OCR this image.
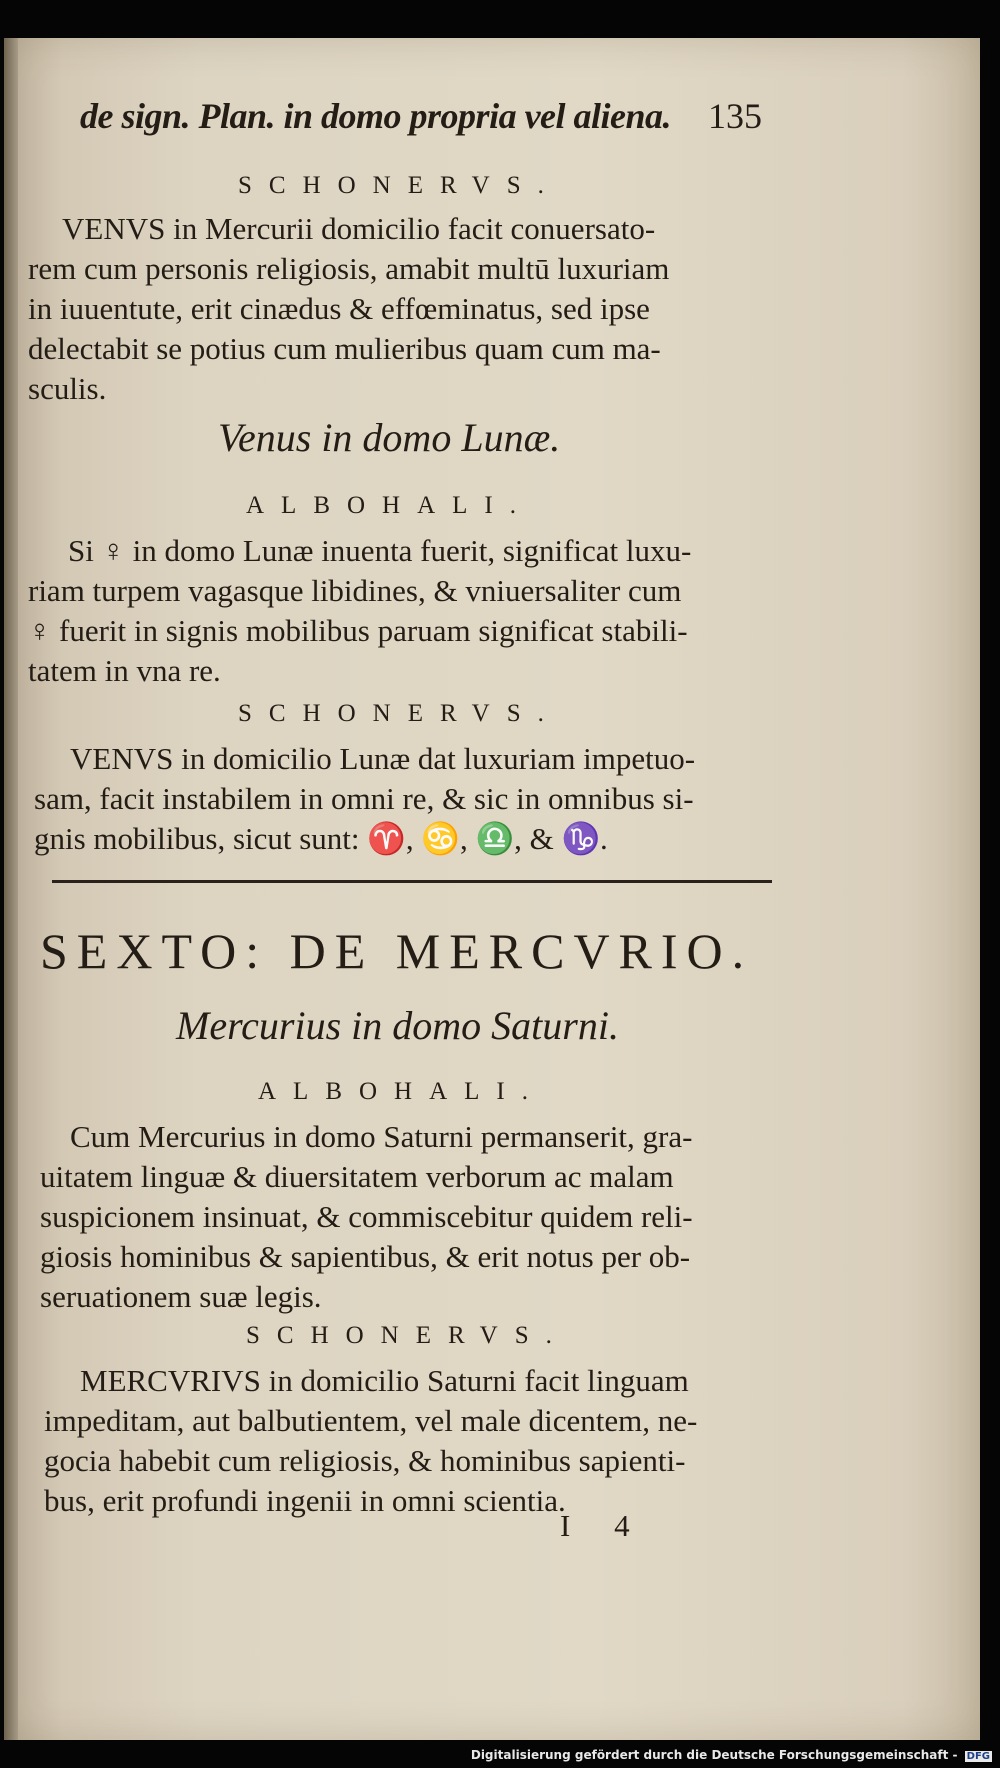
de sign. Plan. in domo propria vel aliena. 135
SCHONERVS.
VENVS in Mercurii domicilio facit conuersato-
rem cum personis religiosis, amabit multū luxuriam
in iuuentute, erit cinædus & effœminatus, sed ipse
delectabit se potius cum mulieribus quam cum ma-
sculis.
Venus in domo Lunæ.
ALBOHALI.
Si ♀ in domo Lunæ inuenta fuerit, significat luxu-
riam turpem vagasque libidines, & vniuersaliter cum
♀ fuerit in signis mobilibus paruam significat stabili-
tatem in vna re.
SCHONERVS.
VENVS in domicilio Lunæ dat luxuriam impetuo-
sam, facit instabilem in omni re, & sic in omnibus si-
gnis mobilibus, sicut sunt: ♈, ♋, ♎, & ♑.
SEXTO: DE MERCVRIO.
Mercurius in domo Saturni.
ALBOHALI.
Cum Mercurius in domo Saturni permanserit, gra-
uitatem linguæ & diuersitatem verborum ac malam
suspicionem insinuat, & commiscebitur quidem reli-
giosis hominibus & sapientibus, & erit notus per ob-
seruationem suæ legis.
SCHONERVS.
MERCVRIVS in domicilio Saturni facit linguam
impeditam, aut balbutientem, vel male dicentem, ne-
gocia habebit cum religiosis, & hominibus sapienti-
bus, erit profundi ingenii in omni scientia.
I 4
Digitalisierung gefördert durch die Deutsche Forschungsgemeinschaft - DFG
